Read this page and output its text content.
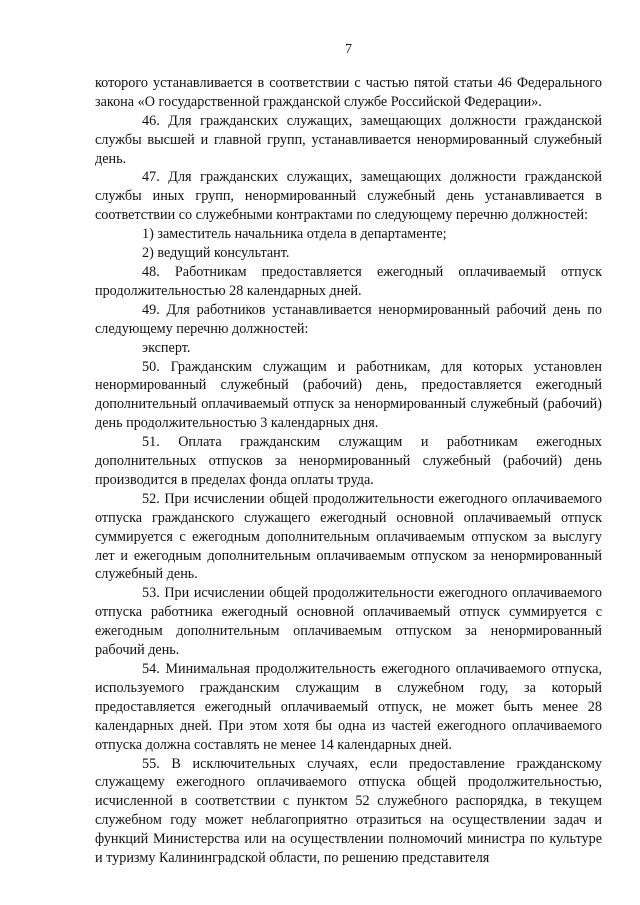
7

которого устанавливается в соответствии с частью пятой статьи 46 Федерального закона «О государственной гражданской службе Российской Федерации».

46. Для гражданских служащих, замещающих должности гражданской службы высшей и главной групп, устанавливается ненормированный служебный день.

47. Для гражданских служащих, замещающих должности гражданской службы иных групп, ненормированный служебный день устанавливается в соответствии со служебными контрактами по следующему перечню должностей:

1) заместитель начальника отдела в департаменте;

2) ведущий консультант.

48. Работникам предоставляется ежегодный оплачиваемый отпуск продолжительностью 28 календарных дней.

49. Для работников устанавливается ненормированный рабочий день по следующему перечню должностей:

эксперт.

50. Гражданским служащим и работникам, для которых установлен ненормированный служебный (рабочий) день, предоставляется ежегодный дополнительный оплачиваемый отпуск за ненормированный служебный (рабочий) день продолжительностью 3 календарных дня.

51. Оплата гражданским служащим и работникам ежегодных дополнительных отпусков за ненормированный служебный (рабочий) день производится в пределах фонда оплаты труда.

52. При исчислении общей продолжительности ежегодного оплачиваемого отпуска гражданского служащего ежегодный основной оплачиваемый отпуск суммируется с ежегодным дополнительным оплачиваемым отпуском за выслугу лет и ежегодным дополнительным оплачиваемым отпуском за ненормированный служебный день.

53. При исчислении общей продолжительности ежегодного оплачиваемого отпуска работника ежегодный основной оплачиваемый отпуск суммируется с ежегодным дополнительным оплачиваемым отпуском за ненормированный рабочий день.

54. Минимальная продолжительность ежегодного оплачиваемого отпуска, используемого гражданским служащим в служебном году, за который предоставляется ежегодный оплачиваемый отпуск, не может быть менее 28 календарных дней. При этом хотя бы одна из частей ежегодного оплачиваемого отпуска должна составлять не менее 14 календарных дней.

55. В исключительных случаях, если предоставление гражданскому служащему ежегодного оплачиваемого отпуска общей продолжительностью, исчисленной в соответствии с пунктом 52 служебного распорядка, в текущем служебном году может неблагоприятно отразиться на осуществлении задач и функций Министерства или на осуществлении полномочий министра по культуре и туризму Калининградской области, по решению представителя
